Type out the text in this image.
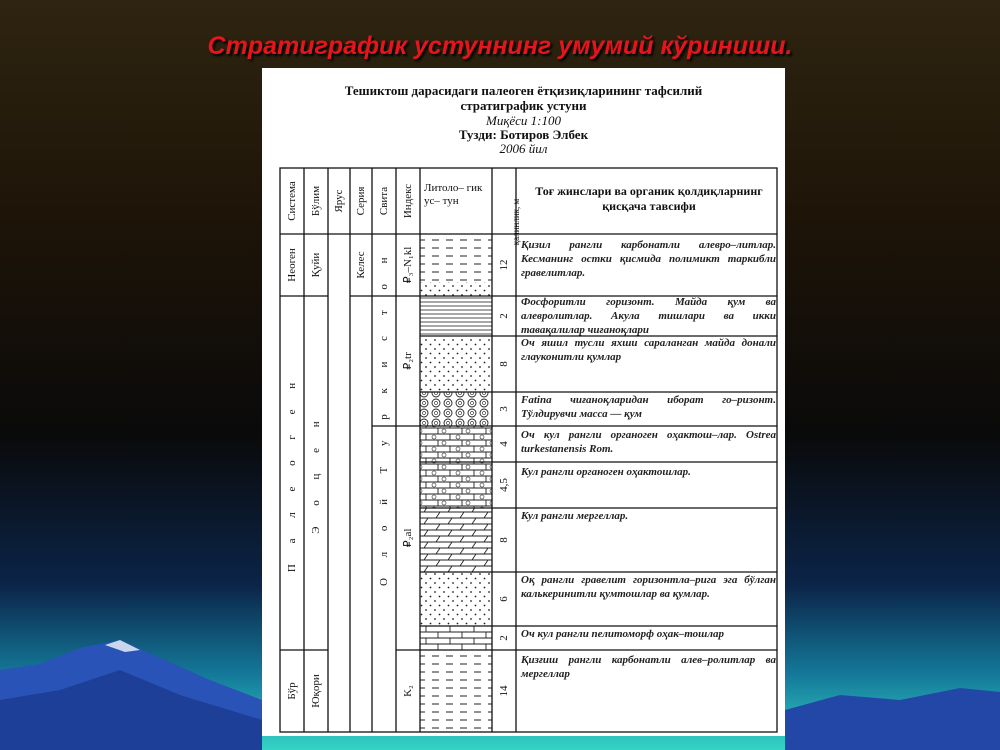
Стратиграфик устуннинг умумий кўриниши.
Тешиктош дарасидаги палеоген ётқизиқларининг тафсилий
стратиграфик устуни
Миқёси 1:100
Тузди: Ботиров Элбек
2006 йил
Система Бўлим Ярус Серия Свита Индекс Литоло– гик ус– тун	қалинлик, м
Тоғ жинслари ва органик қолдиқларнинг қисқача тавсифи
Неоген
П а л е о г е н
Бўр
Қуйи
Э о ц е н
Юқори
Келес	Т у р к и с т о н
О л о й
₽₃–N₁kl
₽₂tr
₽₂al
K₂
12
2
8
3
4
4,5
8
6
2
14
Қизил рангли карбонатли алевро–литлар. Кесманинг остки қисмида полимикт таркибли гравелитлар.
Фосфоритли горизонт. Майда қум ва алевролитлар. Акула тишлари ва икки тавақалилар чиғаноқлари
Оч яшил тусли яхши сараланган майда донали глауконитли қумлар
Fatina чиғаноқларидан иборат го–ризонт. Тўлдирувчи масса — қум
Оч кул рангли органоген оҳактош–лар. Ostrea turkestanensis Rom.
Кул рангли органоген оҳактошлар.
Кул рангли мергеллар.
Оқ рангли гравелит горизонтла–рига эга бўлган калькеринитли қумтошлар ва қумлар.
Оч кул рангли пелитоморф оҳак–тошлар
Қизғиш рангли карбонатли алев–ролитлар ва мергеллар
